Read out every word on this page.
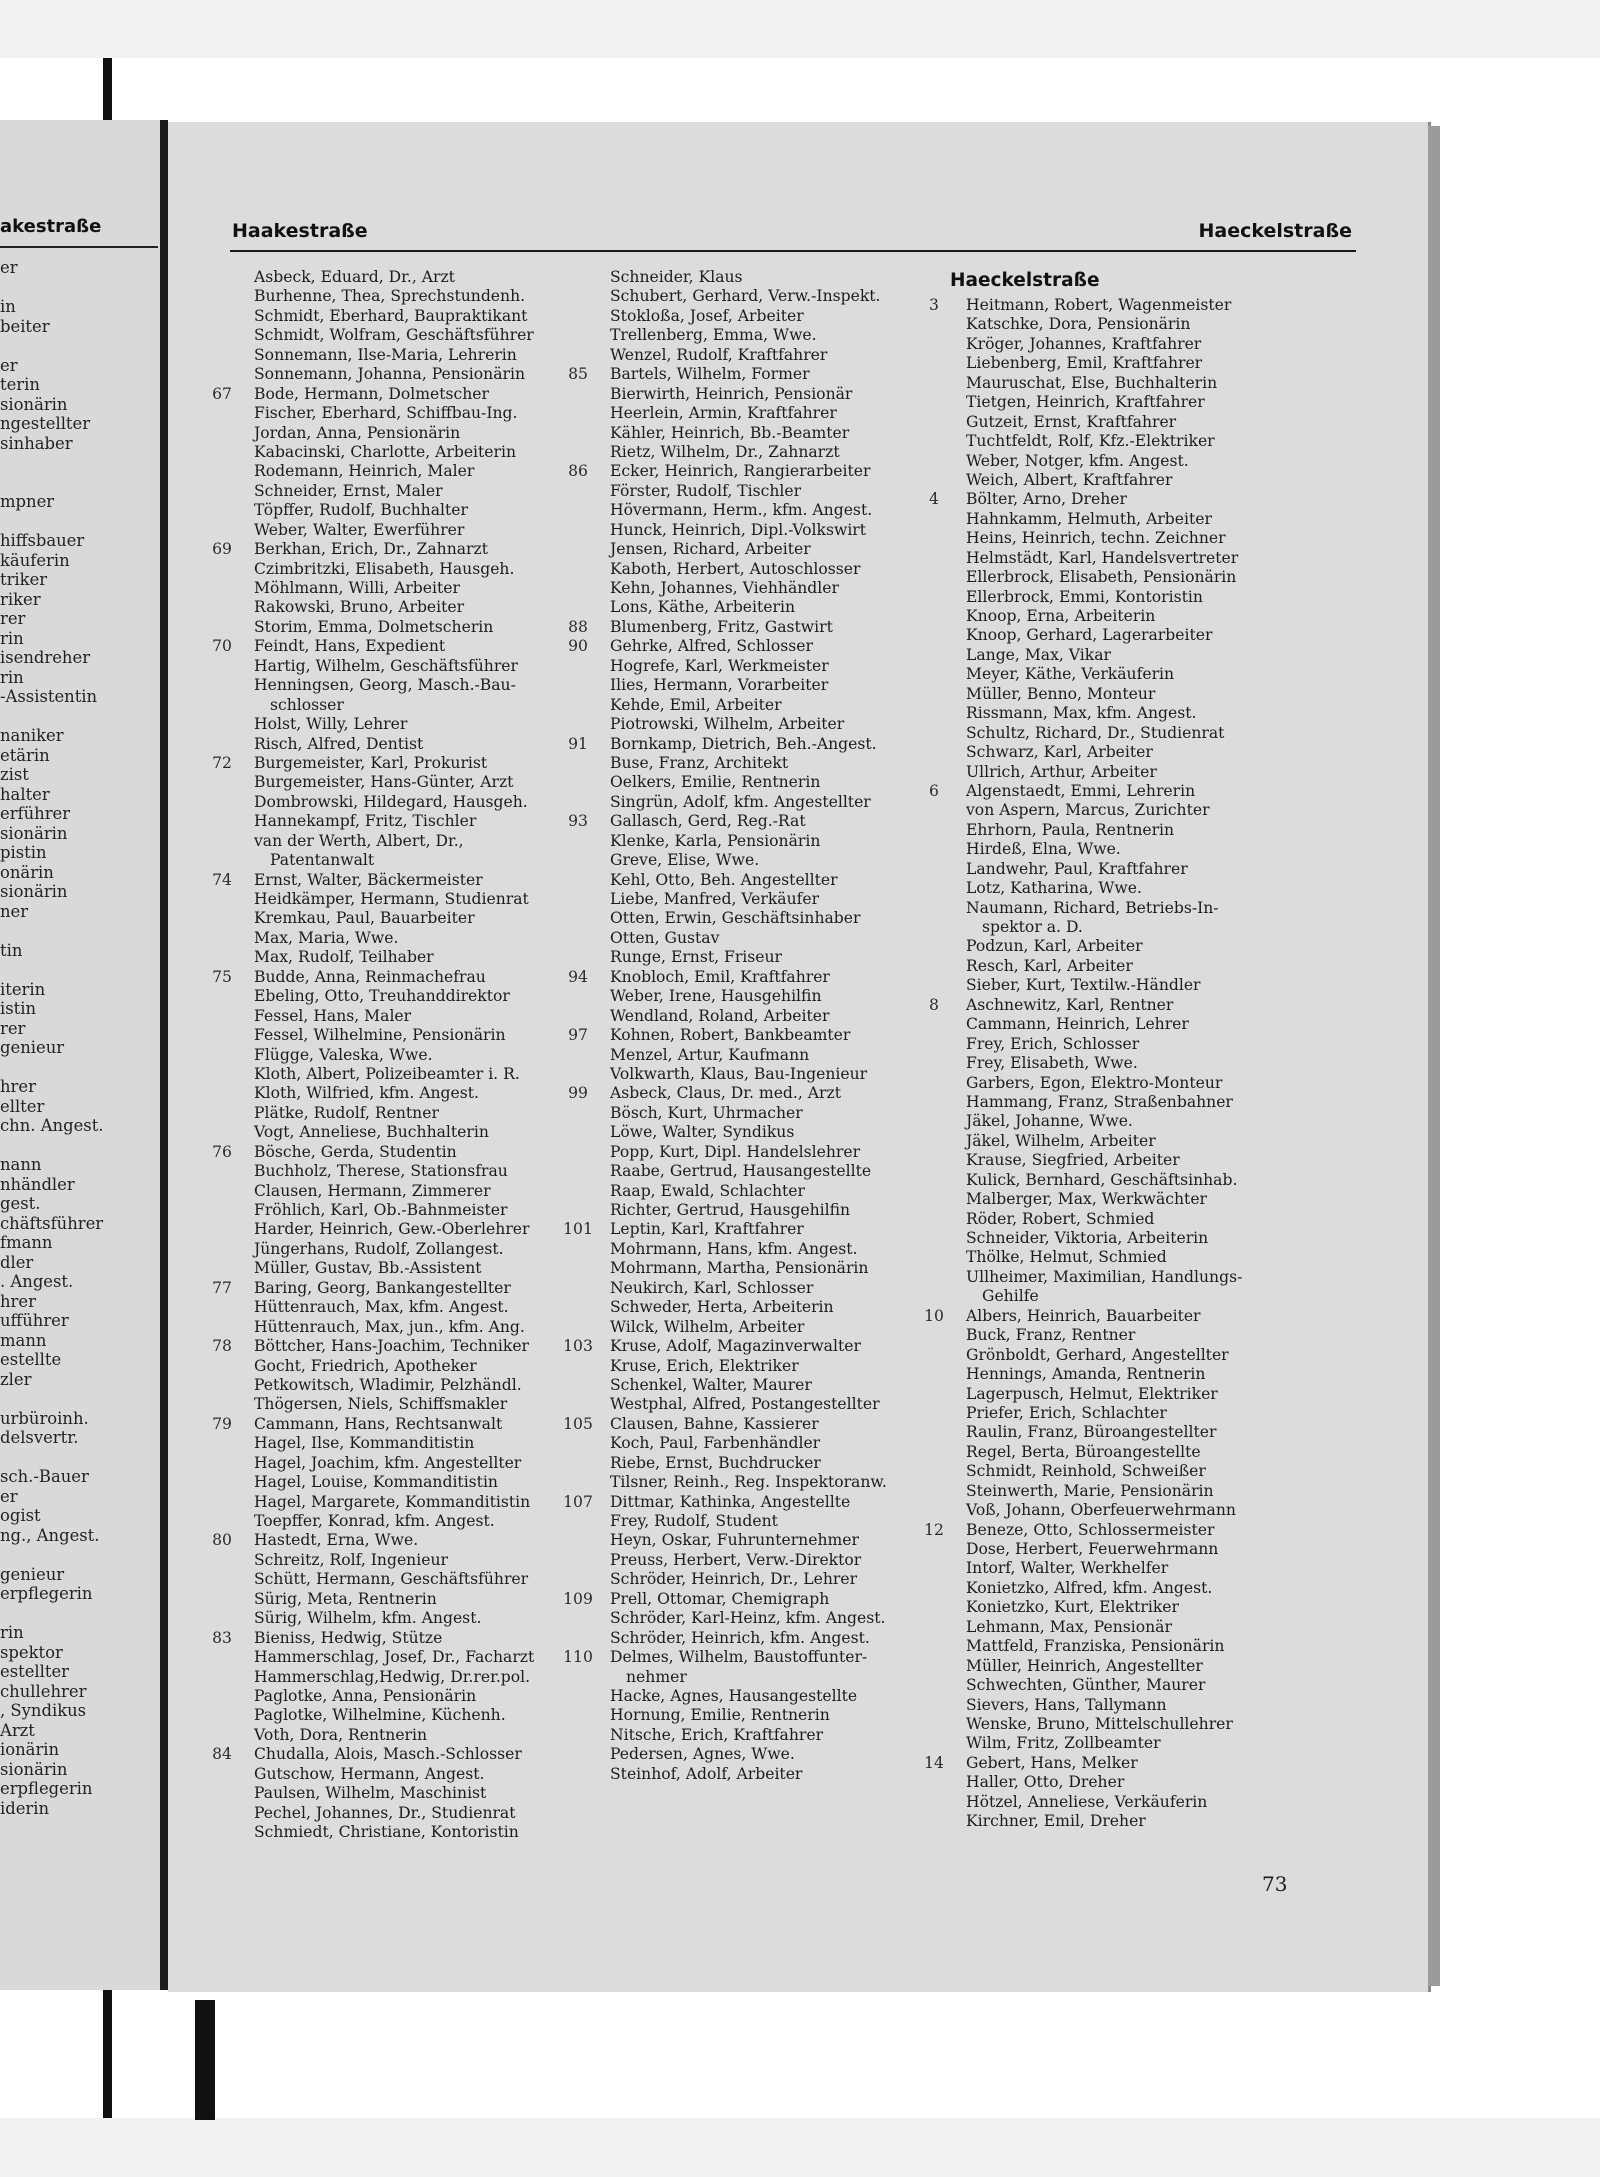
akestraße
er
in
beiter
er
terin
sionärin
ngestellter
sinhaber
mpner
hiffsbauer
käuferin
triker
riker
rer
rin
isendreher
rin
-Assistentin
naniker
etärin
zist
halter
erführer
sionärin
pistin
onärin
sionärin
ner
tin
iterin
istin
rer
genieur
hrer
ellter
chn. Angest.
nann
nhändler
gest.
chäftsführer
fmann
dler
. Angest.
hrer
ufführer
mann
estellte
zler
urbüroinh.
delsvertr.
sch.-Bauer
er
ogist
ng., Angest.
genieur
erpflegerin
rin
spektor
estellter
chullehrer
, Syndikus
Arzt
ionärin
sionärin
erpflegerin
iderin
Haakestraße	Haeckelstraße
Asbeck, Eduard, Dr., Arzt
Burhenne, Thea, Sprechstundenh.
Schmidt, Eberhard, Baupraktikant
Schmidt, Wolfram, Geschäftsführer
Sonnemann, Ilse-Maria, Lehrerin
Sonnemann, Johanna, Pensionärin
67	Bode, Hermann, Dolmetscher
Fischer, Eberhard, Schiffbau-Ing.
Jordan, Anna, Pensionärin
Kabacinski, Charlotte, Arbeiterin
Rodemann, Heinrich, Maler
Schneider, Ernst, Maler
Töpffer, Rudolf, Buchhalter
Weber, Walter, Ewerführer
69	Berkhan, Erich, Dr., Zahnarzt
Czimbritzki, Elisabeth, Hausgeh.
Möhlmann, Willi, Arbeiter
Rakowski, Bruno, Arbeiter
Storim, Emma, Dolmetscherin
70	Feindt, Hans, Expedient
Hartig, Wilhelm, Geschäftsführer
Henningsen, Georg, Masch.-Bau-
schlosser
Holst, Willy, Lehrer
Risch, Alfred, Dentist
72	Burgemeister, Karl, Prokurist
Burgemeister, Hans-Günter, Arzt
Dombrowski, Hildegard, Hausgeh.
Hannekampf, Fritz, Tischler
van der Werth, Albert, Dr.,
Patentanwalt
74	Ernst, Walter, Bäckermeister
Heidkämper, Hermann, Studienrat
Kremkau, Paul, Bauarbeiter
Max, Maria, Wwe.
Max, Rudolf, Teilhaber
75	Budde, Anna, Reinmachefrau
Ebeling, Otto, Treuhanddirektor
Fessel, Hans, Maler
Fessel, Wilhelmine, Pensionärin
Flügge, Valeska, Wwe.
Kloth, Albert, Polizeibeamter i. R.
Kloth, Wilfried, kfm. Angest.
Plätke, Rudolf, Rentner
Vogt, Anneliese, Buchhalterin
76	Bösche, Gerda, Studentin
Buchholz, Therese, Stationsfrau
Clausen, Hermann, Zimmerer
Fröhlich, Karl, Ob.-Bahnmeister
Harder, Heinrich, Gew.-Oberlehrer
Jüngerhans, Rudolf, Zollangest.
Müller, Gustav, Bb.-Assistent
77	Baring, Georg, Bankangestellter
Hüttenrauch, Max, kfm. Angest.
Hüttenrauch, Max, jun., kfm. Ang.
78	Böttcher, Hans-Joachim, Techniker
Gocht, Friedrich, Apotheker
Petkowitsch, Wladimir, Pelzhändl.
Thögersen, Niels, Schiffsmakler
79	Cammann, Hans, Rechtsanwalt
Hagel, Ilse, Kommanditistin
Hagel, Joachim, kfm. Angestellter
Hagel, Louise, Kommanditistin
Hagel, Margarete, Kommanditistin
Toepffer, Konrad, kfm. Angest.
80	Hastedt, Erna, Wwe.
Schreitz, Rolf, Ingenieur
Schütt, Hermann, Geschäftsführer
Sürig, Meta, Rentnerin
Sürig, Wilhelm, kfm. Angest.
83	Bieniss, Hedwig, Stütze
Hammerschlag, Josef, Dr., Facharzt
Hammerschlag,Hedwig, Dr.rer.pol.
Paglotke, Anna, Pensionärin
Paglotke, Wilhelmine, Küchenh.
Voth, Dora, Rentnerin
84	Chudalla, Alois, Masch.-Schlosser
Gutschow, Hermann, Angest.
Paulsen, Wilhelm, Maschinist
Pechel, Johannes, Dr., Studienrat
Schmiedt, Christiane, Kontoristin
Schneider, Klaus
Schubert, Gerhard, Verw.-Inspekt.
Stokloßa, Josef, Arbeiter
Trellenberg, Emma, Wwe.
Wenzel, Rudolf, Kraftfahrer
85	Bartels, Wilhelm, Former
Bierwirth, Heinrich, Pensionär
Heerlein, Armin, Kraftfahrer
Kähler, Heinrich, Bb.-Beamter
Rietz, Wilhelm, Dr., Zahnarzt
86	Ecker, Heinrich, Rangierarbeiter
Förster, Rudolf, Tischler
Hövermann, Herm., kfm. Angest.
Hunck, Heinrich, Dipl.-Volkswirt
Jensen, Richard, Arbeiter
Kaboth, Herbert, Autoschlosser
Kehn, Johannes, Viehhändler
Lons, Käthe, Arbeiterin
88	Blumenberg, Fritz, Gastwirt
90	Gehrke, Alfred, Schlosser
Hogrefe, Karl, Werkmeister
Ilies, Hermann, Vorarbeiter
Kehde, Emil, Arbeiter
Piotrowski, Wilhelm, Arbeiter
91	Bornkamp, Dietrich, Beh.-Angest.
Buse, Franz, Architekt
Oelkers, Emilie, Rentnerin
Singrün, Adolf, kfm. Angestellter
93	Gallasch, Gerd, Reg.-Rat
Klenke, Karla, Pensionärin
Greve, Elise, Wwe.
Kehl, Otto, Beh. Angestellter
Liebe, Manfred, Verkäufer
Otten, Erwin, Geschäftsinhaber
Otten, Gustav
Runge, Ernst, Friseur
94	Knobloch, Emil, Kraftfahrer
Weber, Irene, Hausgehilfin
Wendland, Roland, Arbeiter
97	Kohnen, Robert, Bankbeamter
Menzel, Artur, Kaufmann
Volkwarth, Klaus, Bau-Ingenieur
99	Asbeck, Claus, Dr. med., Arzt
Bösch, Kurt, Uhrmacher
Löwe, Walter, Syndikus
Popp, Kurt, Dipl. Handelslehrer
Raabe, Gertrud, Hausangestellte
Raap, Ewald, Schlachter
Richter, Gertrud, Hausgehilfin
101	Leptin, Karl, Kraftfahrer
Mohrmann, Hans, kfm. Angest.
Mohrmann, Martha, Pensionärin
Neukirch, Karl, Schlosser
Schweder, Herta, Arbeiterin
Wilck, Wilhelm, Arbeiter
103	Kruse, Adolf, Magazinverwalter
Kruse, Erich, Elektriker
Schenkel, Walter, Maurer
Westphal, Alfred, Postangestellter
105	Clausen, Bahne, Kassierer
Koch, Paul, Farbenhändler
Riebe, Ernst, Buchdrucker
Tilsner, Reinh., Reg. Inspektoranw.
107	Dittmar, Kathinka, Angestellte
Frey, Rudolf, Student
Heyn, Oskar, Fuhrunternehmer
Preuss, Herbert, Verw.-Direktor
Schröder, Heinrich, Dr., Lehrer
109	Prell, Ottomar, Chemigraph
Schröder, Karl-Heinz, kfm. Angest.
Schröder, Heinrich, kfm. Angest.
110	Delmes, Wilhelm, Baustoffunter-
nehmer
Hacke, Agnes, Hausangestellte
Hornung, Emilie, Rentnerin
Nitsche, Erich, Kraftfahrer
Pedersen, Agnes, Wwe.
Steinhof, Adolf, Arbeiter
Haeckelstraße
3	Heitmann, Robert, Wagenmeister
Katschke, Dora, Pensionärin
Kröger, Johannes, Kraftfahrer
Liebenberg, Emil, Kraftfahrer
Mauruschat, Else, Buchhalterin
Tietgen, Heinrich, Kraftfahrer
Gutzeit, Ernst, Kraftfahrer
Tuchtfeldt, Rolf, Kfz.-Elektriker
Weber, Notger, kfm. Angest.
Weich, Albert, Kraftfahrer
4	Bölter, Arno, Dreher
Hahnkamm, Helmuth, Arbeiter
Heins, Heinrich, techn. Zeichner
Helmstädt, Karl, Handelsvertreter
Ellerbrock, Elisabeth, Pensionärin
Ellerbrock, Emmi, Kontoristin
Knoop, Erna, Arbeiterin
Knoop, Gerhard, Lagerarbeiter
Lange, Max, Vikar
Meyer, Käthe, Verkäuferin
Müller, Benno, Monteur
Rissmann, Max, kfm. Angest.
Schultz, Richard, Dr., Studienrat
Schwarz, Karl, Arbeiter
Ullrich, Arthur, Arbeiter
6	Algenstaedt, Emmi, Lehrerin
von Aspern, Marcus, Zurichter
Ehrhorn, Paula, Rentnerin
Hirdeß, Elna, Wwe.
Landwehr, Paul, Kraftfahrer
Lotz, Katharina, Wwe.
Naumann, Richard, Betriebs-In-
spektor a. D.
Podzun, Karl, Arbeiter
Resch, Karl, Arbeiter
Sieber, Kurt, Textilw.-Händler
8	Aschnewitz, Karl, Rentner
Cammann, Heinrich, Lehrer
Frey, Erich, Schlosser
Frey, Elisabeth, Wwe.
Garbers, Egon, Elektro-Monteur
Hammang, Franz, Straßenbahner
Jäkel, Johanne, Wwe.
Jäkel, Wilhelm, Arbeiter
Krause, Siegfried, Arbeiter
Kulick, Bernhard, Geschäftsinhab.
Malberger, Max, Werkwächter
Röder, Robert, Schmied
Schneider, Viktoria, Arbeiterin
Thölke, Helmut, Schmied
Ullheimer, Maximilian, Handlungs-
Gehilfe
10	Albers, Heinrich, Bauarbeiter
Buck, Franz, Rentner
Grönboldt, Gerhard, Angestellter
Hennings, Amanda, Rentnerin
Lagerpusch, Helmut, Elektriker
Priefer, Erich, Schlachter
Raulin, Franz, Büroangestellter
Regel, Berta, Büroangestellte
Schmidt, Reinhold, Schweißer
Steinwerth, Marie, Pensionärin
Voß, Johann, Oberfeuerwehrmann
12	Beneze, Otto, Schlossermeister
Dose, Herbert, Feuerwehrmann
Intorf, Walter, Werkhelfer
Konietzko, Alfred, kfm. Angest.
Konietzko, Kurt, Elektriker
Lehmann, Max, Pensionär
Mattfeld, Franziska, Pensionärin
Müller, Heinrich, Angestellter
Schwechten, Günther, Maurer
Sievers, Hans, Tallymann
Wenske, Bruno, Mittelschullehrer
Wilm, Fritz, Zollbeamter
14	Gebert, Hans, Melker
Haller, Otto, Dreher
Hötzel, Anneliese, Verkäuferin
Kirchner, Emil, Dreher
73
